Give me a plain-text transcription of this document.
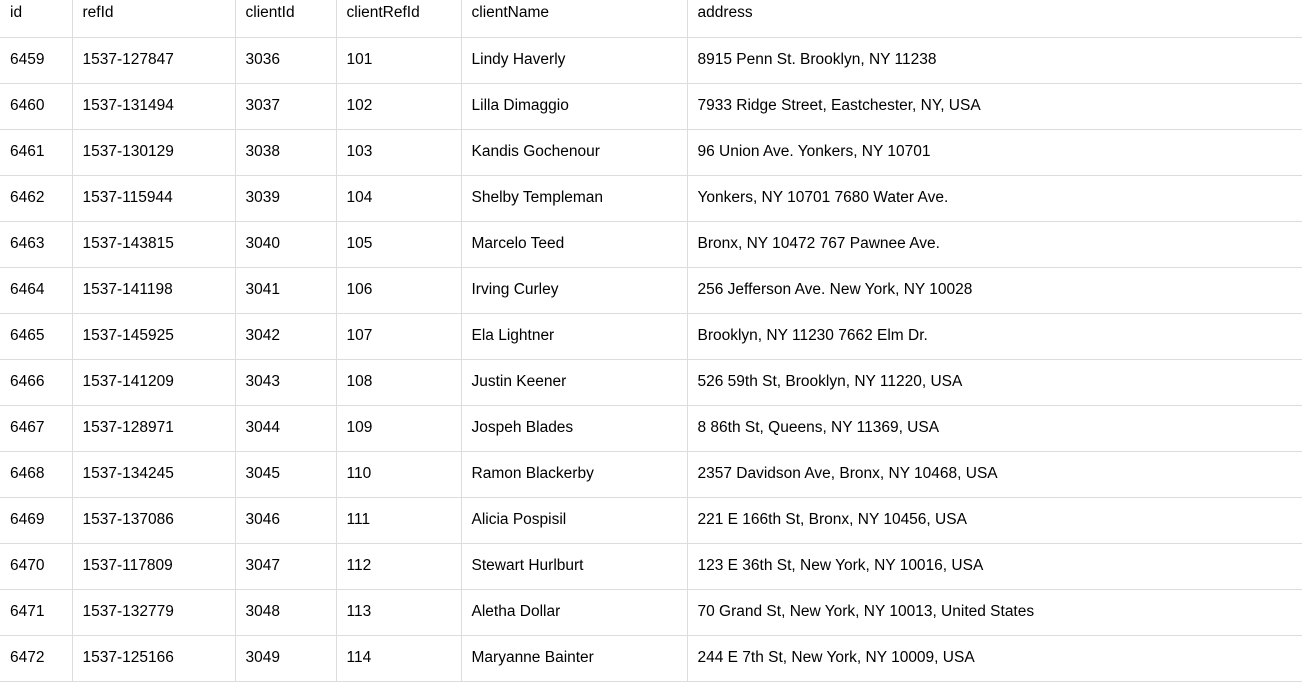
id	refId	clientId	clientRefId	clientName	address
6459	1537-127847	3036	101	Lindy Haverly	8915 Penn St. Brooklyn, NY 11238
6460	1537-131494	3037	102	Lilla Dimaggio	7933 Ridge Street, Eastchester, NY, USA
6461	1537-130129	3038	103	Kandis Gochenour	96 Union Ave. Yonkers, NY 10701
6462	1537-115944	3039	104	Shelby Templeman	Yonkers, NY 10701 7680 Water Ave.
6463	1537-143815	3040	105	Marcelo Teed	Bronx, NY 10472 767 Pawnee Ave.
6464	1537-141198	3041	106	Irving Curley	256 Jefferson Ave. New York, NY 10028
6465	1537-145925	3042	107	Ela Lightner	Brooklyn, NY 11230 7662 Elm Dr.
6466	1537-141209	3043	108	Justin Keener	526 59th St, Brooklyn, NY 11220, USA
6467	1537-128971	3044	109	Jospeh Blades	8 86th St, Queens, NY 11369, USA
6468	1537-134245	3045	110	Ramon Blackerby	2357 Davidson Ave, Bronx, NY 10468, USA
6469	1537-137086	3046	111	Alicia Pospisil	221 E 166th St, Bronx, NY 10456, USA
6470	1537-117809	3047	112	Stewart Hurlburt	123 E 36th St, New York, NY 10016, USA
6471	1537-132779	3048	113	Aletha Dollar	70 Grand St, New York, NY 10013, United States
6472	1537-125166	3049	114	Maryanne Bainter	244 E 7th St, New York, NY 10009, USA
